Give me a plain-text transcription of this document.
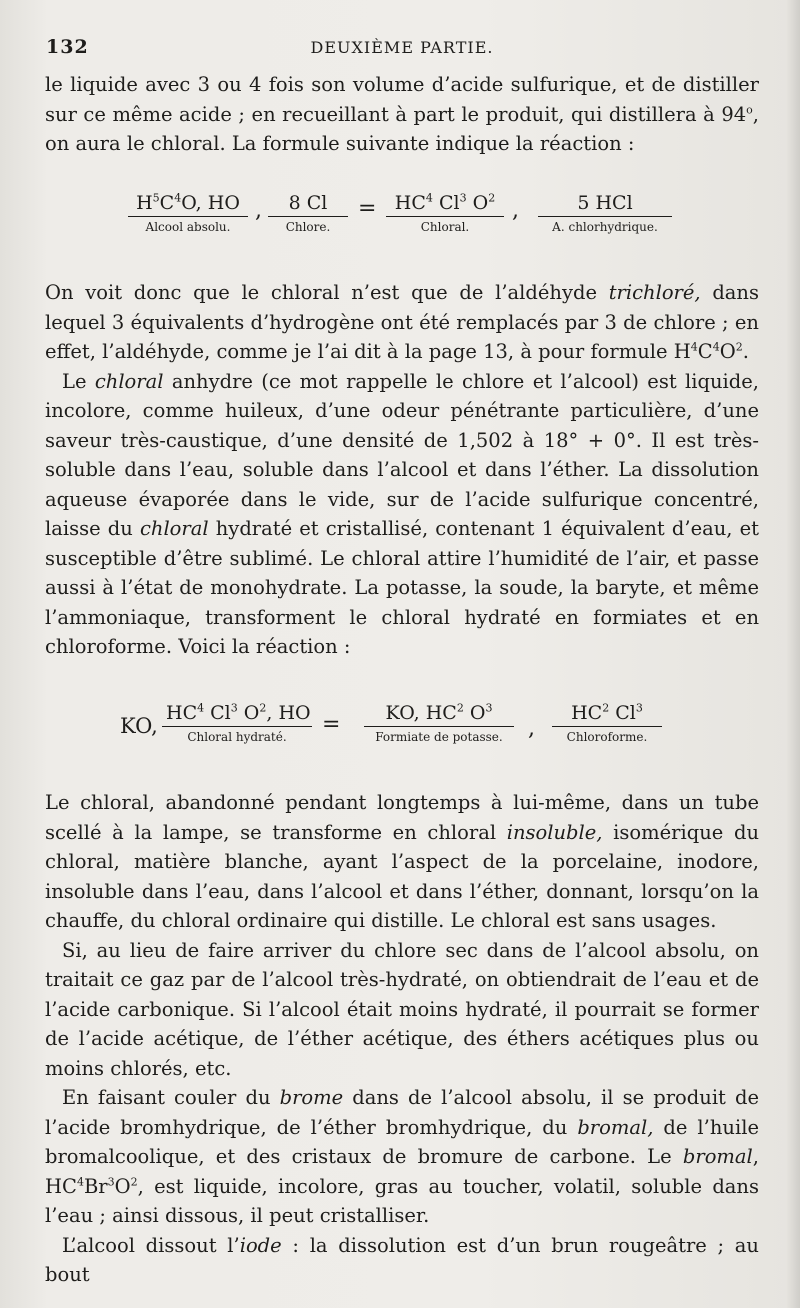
132	DEUXIÈME PARTIE.

le liquide avec 3 ou 4 fois son volume d’acide sulfurique, et de distiller sur ce même acide ; en recueillant à part le produit, qui distillera à 94$^o$, on aura le chloral. La formule suivante indique la réaction :

$H^5C^4O$, HO
Alcool absolu.
,	8 Cl
Chlore.
= $HC^4$ Cl$^3$ $O^2$
Chloral.
,	5 HCl
A. chlorhydrique.

On voit donc que le chloral n’est que de l’aldéhyde trichloré, dans lequel 3 équivalents d’hydrogène ont été remplacés par 3 de chlore ; en effet, l’aldéhyde, comme je l’ai dit à la page 13, à pour formule $H^4C^4O^2$.

Le chloral anhydre (ce mot rappelle le chlore et l’alcool) est liquide, incolore, comme huileux, d’une odeur pénétrante particulière, d’une saveur très-caustique, d’une densité de 1,502 à 18° + 0°. Il est très-soluble dans l’eau, soluble dans l’alcool et dans l’éther. La dissolution aqueuse évaporée dans le vide, sur de l’acide sulfurique concentré, laisse du chloral hydraté et cristallisé, contenant 1 équivalent d’eau, et susceptible d’être sublimé. Le chloral attire l’humidité de l’air, et passe aussi à l’état de monohydrate. La potasse, la soude, la baryte, et même l’ammoniaque, transforment le chloral hydraté en formiates et en chloroforme. Voici la réaction :

KO,
$HC^4$ Cl$^3$ $O^2$, HO
Chloral hydraté.	=	KO, $HC^2$ $O^3$
Formiate de potasse.	,
$HC^2$ Cl$^3$
Chloroforme.

Le chloral, abandonné pendant longtemps à lui-même, dans un tube scellé à la lampe, se transforme en chloral insoluble, isomérique du chloral, matière blanche, ayant l’aspect de la porcelaine, inodore, insoluble dans l’eau, dans l’alcool et dans l’éther, donnant, lorsqu’on la chauffe, du chloral ordinaire qui distille. Le chloral est sans usages.

Si, au lieu de faire arriver du chlore sec dans de l’alcool absolu, on traitait ce gaz par de l’alcool très-hydraté, on obtiendrait de l’eau et de l’acide carbonique. Si l’alcool était moins hydraté, il pourrait se former de l’acide acétique, de l’éther acétique, des éthers acétiques plus ou moins chlorés, etc.

En faisant couler du brome dans de l’alcool absolu, il se produit de l’acide bromhydrique, de l’éther bromhydrique, du bromal, de l’huile bromalcoolique, et des cristaux de bromure de carbone. Le bromal, $HC^4Br^3O^2$, est liquide, incolore, gras au toucher, volatil, soluble dans l’eau ; ainsi dissous, il peut cristalliser.

L’alcool dissout l’iode : la dissolution est d’un brun rougeâtre ; au bout
